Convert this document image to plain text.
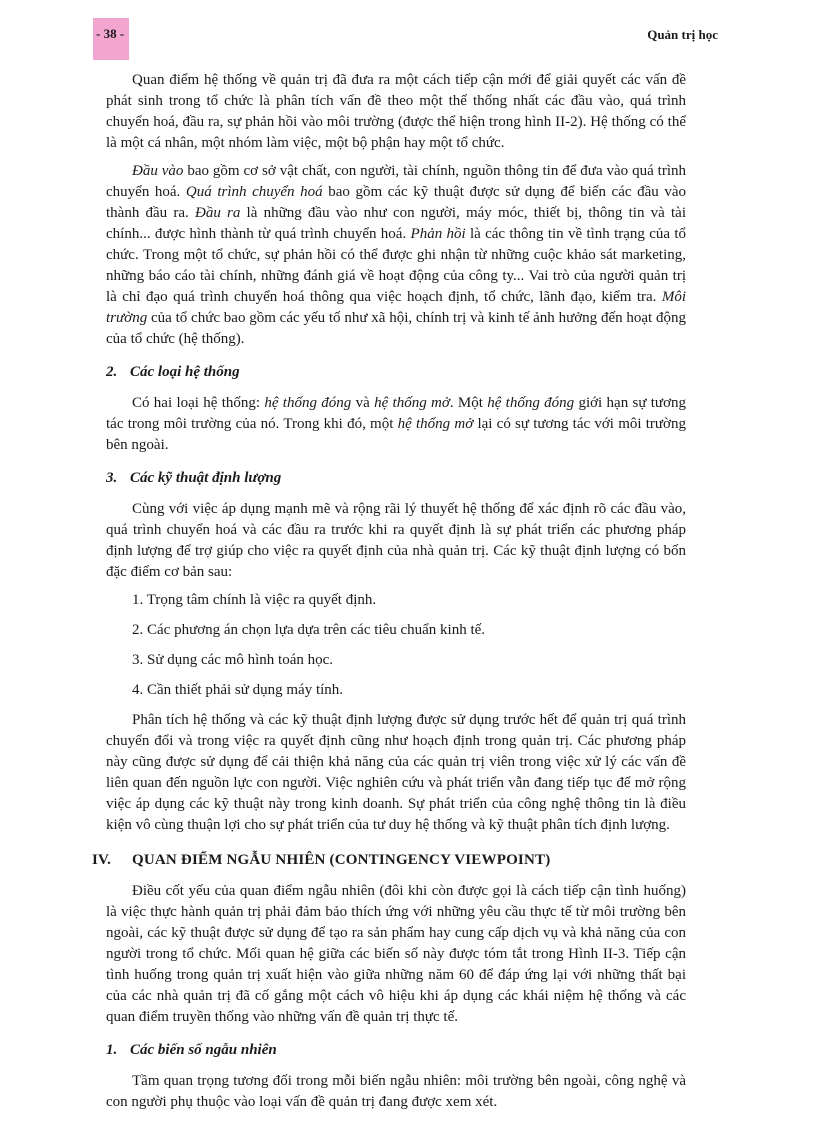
- 38 -	Quản trị học

Quan điểm hệ thống về quản trị đã đưa ra một cách tiếp cận mới để giải quyết các vấn đề phát sinh trong tổ chức là phân tích vấn đề theo một thể thống nhất các đầu vào, quá trình chuyển hoá, đầu ra, sự phản hồi vào môi trường (được thể hiện trong hình II-2). Hệ thống có thể là một cá nhân, một nhóm làm việc, một bộ phận hay một tổ chức.

Đầu vào bao gồm cơ sở vật chất, con người, tài chính, nguồn thông tin để đưa vào quá trình chuyển hoá. Quá trình chuyển hoá bao gồm các kỹ thuật được sử dụng để biến các đầu vào thành đầu ra. Đầu ra là những đầu vào như con người, máy móc, thiết bị, thông tin và tài chính... được hình thành từ quá trình chuyển hoá. Phản hồi là các thông tin về tình trạng của tổ chức. Trong một tổ chức, sự phản hồi có thể được ghi nhận từ những cuộc khảo sát marketing, những báo cáo tài chính, những đánh giá về hoạt động của công ty... Vai trò của người quản trị là chỉ đạo quá trình chuyển hoá thông qua việc hoạch định, tổ chức, lãnh đạo, kiểm tra. Môi trường của tổ chức bao gồm các yếu tố như xã hội, chính trị và kinh tế ảnh hưởng đến hoạt động của tổ chức (hệ thống).

2. Các loại hệ thống

Có hai loại hệ thống: hệ thống đóng và hệ thống mở. Một hệ thống đóng giới hạn sự tương tác trong môi trường của nó. Trong khi đó, một hệ thống mở lại có sự tương tác với môi trường bên ngoài.

3. Các kỹ thuật định lượng

Cùng với việc áp dụng mạnh mẽ và rộng rãi lý thuyết hệ thống để xác định rõ các đầu vào, quá trình chuyển hoá và các đầu ra trước khi ra quyết định là sự phát triển các phương pháp định lượng để trợ giúp cho việc ra quyết định của nhà quản trị. Các kỹ thuật định lượng có bốn đặc điểm cơ bản sau:

1. Trọng tâm chính là việc ra quyết định.

2. Các phương án chọn lựa dựa trên các tiêu chuẩn kinh tế.

3. Sử dụng các mô hình toán học.

4. Cần thiết phải sử dụng máy tính.

Phân tích hệ thống và các kỹ thuật định lượng được sử dụng trước hết để quản trị quá trình chuyển đổi và trong việc ra quyết định cũng như hoạch định trong quản trị. Các phương pháp này cũng được sử dụng để cải thiện khả năng của các quản trị viên trong việc xử lý các vấn đề liên quan đến nguồn lực con người. Việc nghiên cứu và phát triển vẫn đang tiếp tục để mở rộng việc áp dụng các kỹ thuật này trong kinh doanh. Sự phát triển của công nghệ thông tin là điều kiện vô cùng thuận lợi cho sự phát triển của tư duy hệ thống và kỹ thuật phân tích định lượng.

IV. QUAN ĐIỂM NGẪU NHIÊN (CONTINGENCY VIEWPOINT)

Điều cốt yếu của quan điểm ngẫu nhiên (đôi khi còn được gọi là cách tiếp cận tình huống) là việc thực hành quản trị phải đảm bảo thích ứng với những yêu cầu thực tế từ môi trường bên ngoài, các kỹ thuật được sử dụng để tạo ra sản phẩm hay cung cấp dịch vụ và khả năng của con người trong tổ chức. Mối quan hệ giữa các biến số này được tóm tắt trong Hình II-3. Tiếp cận tình huống trong quản trị xuất hiện vào giữa những năm 60 để đáp ứng lại với những thất bại của các nhà quản trị đã cố gắng một cách vô hiệu khi áp dụng các khái niệm hệ thống và các quan điểm truyền thống vào những vấn đề quản trị thực tế.

1. Các biến số ngẫu nhiên

Tầm quan trọng tương đối trong mỗi biến ngẫu nhiên: môi trường bên ngoài, công nghệ và con người phụ thuộc vào loại vấn đề quản trị đang được xem xét.
